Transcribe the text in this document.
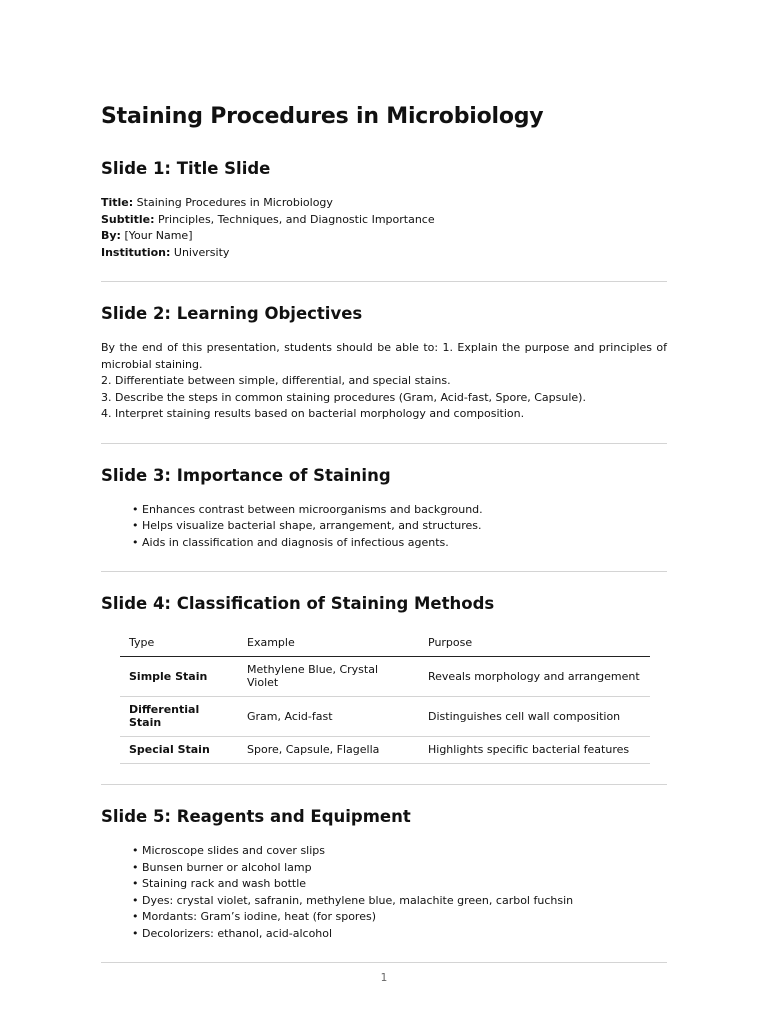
Staining Procedures in Microbiology
Slide 1: Title Slide
Title: Staining Procedures in Microbiology
Subtitle: Principles, Techniques, and Diagnostic Importance
By: [Your Name]
Institution: University
Slide 2: Learning Objectives
By the end of this presentation, students should be able to: 1. Explain the purpose and principles of microbial staining.
2. Differentiate between simple, differential, and special stains.
3. Describe the steps in common staining procedures (Gram, Acid-fast, Spore, Capsule).
4. Interpret staining results based on bacterial morphology and composition.
Slide 3: Importance of Staining
• Enhances contrast between microorganisms and background.
• Helps visualize bacterial shape, arrangement, and structures.
• Aids in classification and diagnosis of infectious agents.
Slide 4: Classification of Staining Methods
Type	Example	Purpose
Simple Stain	Methylene Blue, Crystal Violet	Reveals morphology and arrangement
Differential Stain	Gram, Acid-fast	Distinguishes cell wall composition
Special Stain	Spore, Capsule, Flagella	Highlights specific bacterial features
Slide 5: Reagents and Equipment
• Microscope slides and cover slips
• Bunsen burner or alcohol lamp
• Staining rack and wash bottle
• Dyes: crystal violet, safranin, methylene blue, malachite green, carbol fuchsin
• Mordants: Gram’s iodine, heat (for spores)
• Decolorizers: ethanol, acid-alcohol
1
